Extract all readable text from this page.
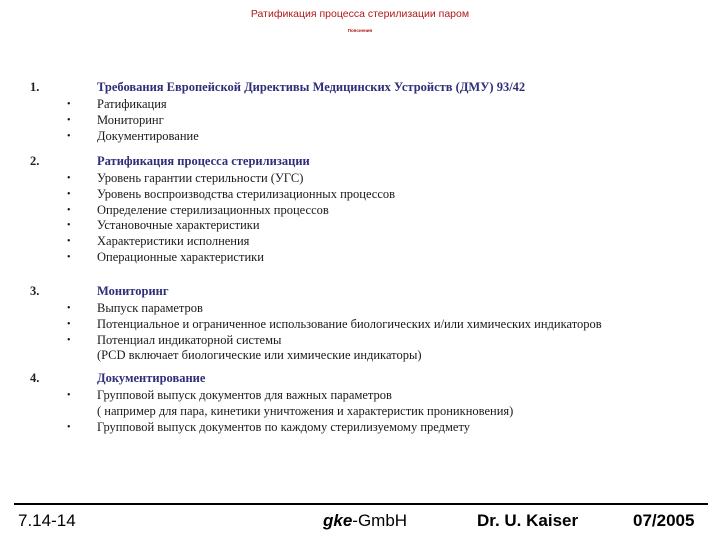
Ратификация процесса стерилизации паром
Пояснения
1.	Требования Европейской Директивы Медицинских Устройств (ДМУ) 93/42
• Ратификация
• Мониторинг
• Документирование
2.	Ратификация процесса стерилизации
• Уровень гарантии стерильности (УГС)
• Уровень воспроизводства стерилизационных процессов
• Определение стерилизационных процессов
• Установочные характеристики
• Характеристики исполнения
• Операционные характеристики
3.	Мониторинг
• Выпуск параметров
• Потенциальное и ограниченное использование биологических и/или химических индикаторов
• Потенциал индикаторной системы
(PCD включает биологические или химические индикаторы)
4.	Документирование
• Групповой выпуск документов для важных параметров
( например для пара, кинетики уничтожения и характеристик проникновения)
• Групповой выпуск документов по каждому стерилизуемому предмету
7.14-14	gke-GmbH	Dr. U. Kaiser	07/2005
